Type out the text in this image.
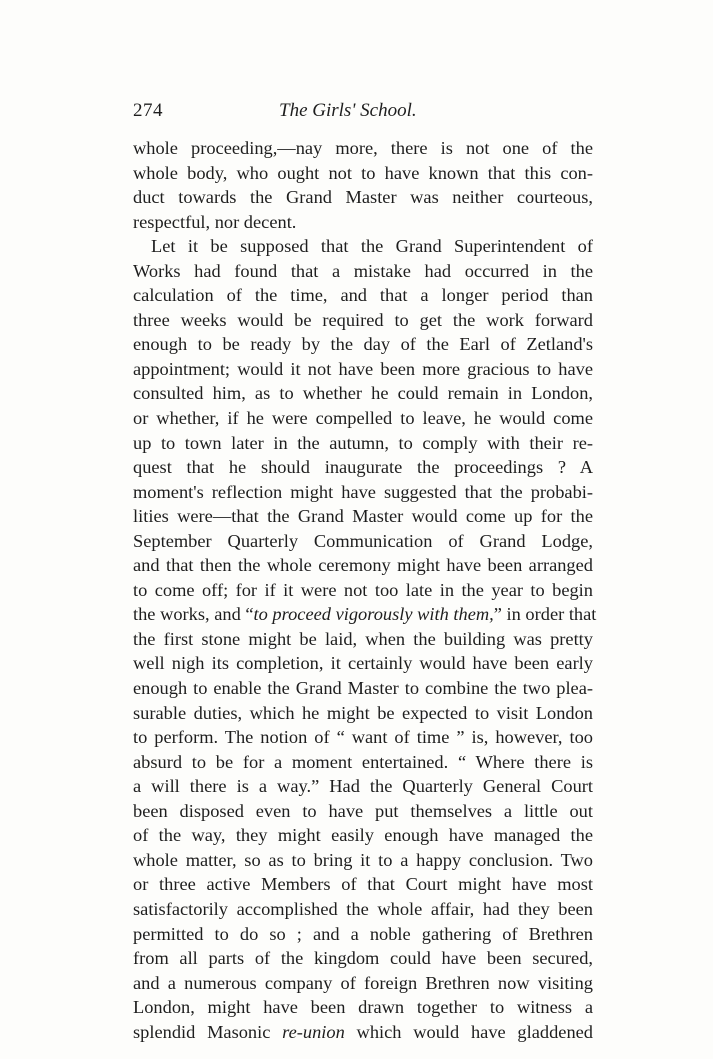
274	The Girls' School.
whole proceeding,—nay more, there is not one of the
whole body, who ought not to have known that this con-
duct towards the Grand Master was neither courteous,
respectful, nor decent.
Let it be supposed that the Grand Superintendent of
Works had found that a mistake had occurred in the
calculation of the time, and that a longer period than
three weeks would be required to get the work forward
enough to be ready by the day of the Earl of Zetland's
appointment; would it not have been more gracious to have
consulted him, as to whether he could remain in London,
or whether, if he were compelled to leave, he would come
up to town later in the autumn, to comply with their re-
quest that he should inaugurate the proceedings ? A
moment's reflection might have suggested that the probabi-
lities were—that the Grand Master would come up for the
September Quarterly Communication of Grand Lodge,
and that then the whole ceremony might have been arranged
to come off; for if it were not too late in the year to begin
the works, and “to proceed vigorously with them,” in order that
the first stone might be laid, when the building was pretty
well nigh its completion, it certainly would have been early
enough to enable the Grand Master to combine the two plea-
surable duties, which he might be expected to visit London
to perform. The notion of “ want of time ” is, however, too
absurd to be for a moment entertained. “ Where there is
a will there is a way.” Had the Quarterly General Court
been disposed even to have put themselves a little out
of the way, they might easily enough have managed the
whole matter, so as to bring it to a happy conclusion. Two
or three active Members of that Court might have most
satisfactorily accomplished the whole affair, had they been
permitted to do so ; and a noble gathering of Brethren
from all parts of the kingdom could have been secured,
and a numerous company of foreign Brethren now visiting
London, might have been drawn together to witness a
splendid Masonic re-union which would have gladdened
